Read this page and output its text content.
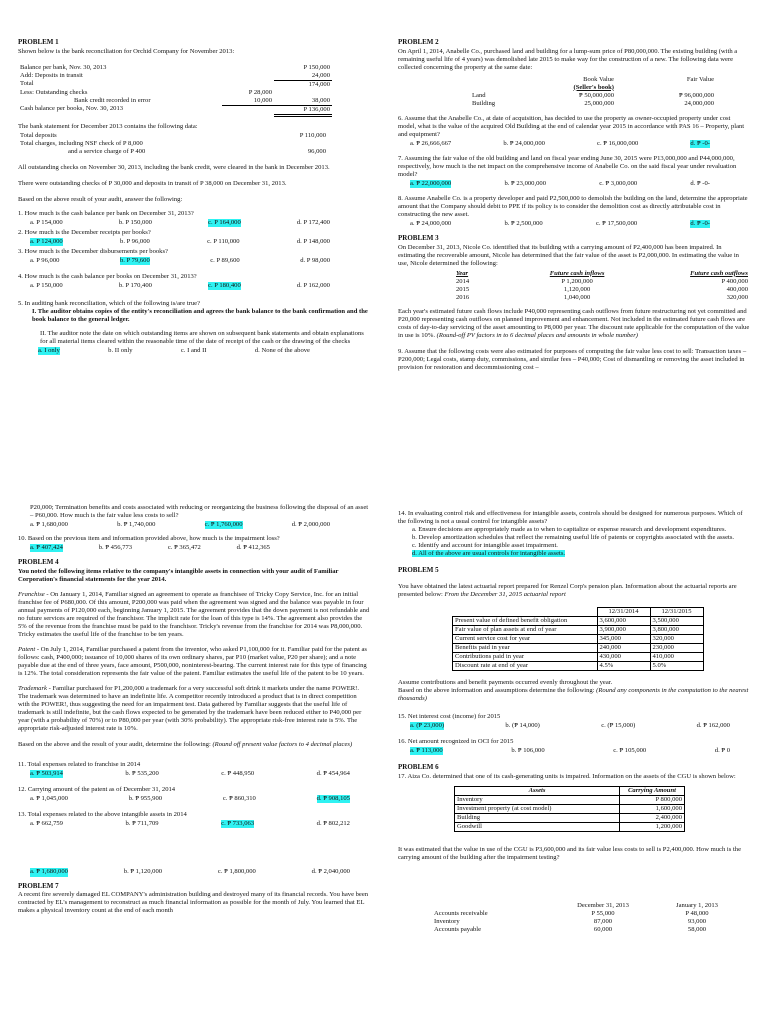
PROBLEM 1

Shown below is the bank reconciliation for Orchid Company for November 2013:

Balance per bank, Nov. 30, 2013		P 150,000
Add: Deposits in transit		24,000
Total		174,000
Less: Outstanding checks	P 28,000	
Bank credit recorded in error	10,000	38,000
Cash balance per books, Nov. 30, 2013		P 136,000

The bank statement for December 2013 contains the following data:

Total deposits	P 110,000
Total charges, including NSF check of P 8,000	
and a service charge of P 400	96,000

All outstanding checks on November 30, 2013, including the bank credit, were cleared in the bank in December 2013.

There were outstanding checks of P 30,000 and deposits in transit of P 38,000 on December 31, 2013.

Based on the above result of your audit, answer the following:

1. How much is the cash balance per bank on December 31, 2013?
a. P 154,000	b. P 150,000	c. P 164,000	d. P 172,400
2. How much is the December receipts per books?
a. P 124,000	b. P 96,000	c. P 110,000	d. P 148,000
3. How much is the December disbursements per books?
a. P 96,000	b. P 79,600	c. P 89,600	d. P 98,000
4. How much is the cash balance per books on December 31, 2013?
a. P 150,000	b. P 170,400	c. P 180,400	d. P 162,000
5. In auditing bank reconciliation, which of the following is/are true?
I. The auditor obtains copies of the entity's reconciliation and agrees the bank balance to the bank confirmation and the book balance to the general ledger.
II. The auditor note the date on which outstanding items are shown on subsequent bank statements and obtain explanations for all material items cleared within the reasonable time of the date of receipt of the cash or the drawing of the checks
a. I only	b. II only	c. I and II	d. None of the above
PROBLEM 2

On April 1, 2014, Anabelle Co., purchased land and building for a lump-sum price of P80,000,000. The existing building (with a remaining useful life of 4 years) was demolished late 2015 to make way for the construction of a new. The following data were collected concerning the property at the same date:

	Book Value	Fair Value
	(Seller's book)	
Land	₱ 50,000,000	₱ 96,000,000
Building	25,000,000	24,000,000
6. Assume that the Anabelle Co., at date of acquisition, has decided to use the property as owner-occupied property under cost model, what is the value of the acquired Old Building at the end of calendar year 2015 in accordance with PAS 16 – Property, plant and equipment?
a. ₱ 26,666,667	b. ₱ 24,000,000	c. ₱ 16,000,000	d. ₱ -0-
7. Assuming the fair value of the old building and land on fiscal year ending June 30, 2015 were P13,000,000 and P44,000,000, respectively, how much is the net impact on the comprehensive income of Anabelle Co. on the said fiscal year under revaluation model?
a. ₱ 22,000,000	b. ₱ 23,000,000	c. ₱ 3,000,000	d. ₱ -0-
8. Assume Anabelle Co. is a property developer and paid P2,500,000 to demolish the building on the land, determine the appropriate amount that the Company should debit to PPE if its policy is to consider the demolition cost as directly attributable cost in constructing the new asset.
a. ₱ 24,000,000	b. ₱ 2,500,000	c. ₱ 17,500,000	d. ₱ -0-
PROBLEM 3

On December 31, 2013, Nicole Co. identified that its building with a carrying amount of P2,400,000 has been impaired. In estimating the recoverable amount, Nicole has determined that the fair value of the asset is P2,000,000. In estimating the value in use, Nicole determined the following:

Year	Future cash inflows	Future cash outflows
2014	P 1,200,000	P 400,000
2015	1,120,000	400,000
2016	1,040,000	320,000

Each year's estimated future cash flows include P40,000 representing cash outflows from future restructuring not yet committed and P20,000 representing cash outflows on planned improvement and enhancement. Not included in the estimated future cash flows are costs of day-to-day servicing of the asset amounting to P8,000 per year. The discount rate applicable for the computation of the value in use is 10%. (Round-off PV factors in to 6 decimal places and amounts in whole number)

9. Assume that the following costs were also estimated for purposes of computing the fair value less cost to sell: Transaction taxes – P200,000; Legal costs, stamp duty, commissions, and similar fees – P40,000; Cost of dismantling or removing the asset included in provision for restoration and decommissioning cost –
P20,000; Termination benefits and costs associated with reducing or reorganizing the business following the disposal of an asset – P60,000. How much is the fair value less costs to sell?
a. ₱ 1,680,000	b. ₱ 1,740,000	c. ₱ 1,760,000	d. ₱ 2,000,000
10. Based on the previous item and information provided above, how much is the impairment loss?
a. ₱ 407,424	b. ₱ 456,773	c. ₱ 365,472	d. ₱ 412,365
PROBLEM 4

You noted the following items relative to the company's intangible assets in connection with your audit of Familiar Corporation's financial statements for the year 2014.

Franchise - On January 1, 2014, Familiar signed an agreement to operate as franchisee of Tricky Copy Service, Inc. for an initial franchise fee of P680,000. Of this amount, P200,000 was paid when the agreement was signed and the balance was payable in four annual payments of P120,000 each, beginning January 1, 2015. The agreement provides that the down payment is not refundable and no future services are required of the franchisor. The implicit rate for the loan of this type is 14%. The agreement also provides the 5% of the revenue from the franchise must be paid to the franchisor. Tricky's revenue from the franchise for 2014 was P8,000,000. Tricky estimates the useful life of the franchise to be ten years.

Patent - On July 1, 2014, Familiar purchased a patent from the inventor, who asked P1,100,000 for it. Familiar paid for the patent as follows: cash, P400,000; issuance of 10,000 shares of its own ordinary shares, par P10 (market value, P20 per share); and a note payable due at the end of three years, face amount, P500,000, noninterest-bearing. The current interest rate for this type of financing is 12%. The total consideration represents the fair value of the patent. Familiar estimates the useful life of the patent to be 10 years.

Trademark - Familiar purchased for P1,200,000 a trademark for a very successful soft drink it markets under the name POWER!. The trademark was determined to have an indefinite life. A competitor recently introduced a product that is in direct competition with the POWER!, thus suggesting the need for an impairment test. Data gathered by Familiar suggests that the useful life of trademark is still indefinite, but the cash flows expected to be generated by the trademark have been reduced either to P40,000 per year (with a probability of 70%) or to P80,000 per year (with 30% probability). The appropriate risk-free interest rate is 5%. The appropriate risk-adjusted interest rate is 10%.

Based on the above and the result of your audit, determine the following: (Round off present value factors to 4 decimal places)

11. Total expenses related to franchise in 2014
a. ₱ 503,914	b. ₱ 535,200	c. ₱ 448,950	d. ₱ 454,964
12. Carrying amount of the patent as of December 31, 2014
a. ₱ 1,045,000	b. ₱ 955,900	c. ₱ 860,310	d. ₱ 908,105
13. Total expenses related to the above intangible assets in 2014
a. ₱ 662,759	b. ₱ 711,709	c. ₱ 733,063	d. ₱ 802,212
a. ₱ 1,680,000	b. ₱ 1,120,000	c. ₱ 1,800,000	d. ₱ 2,040,000
PROBLEM 7

A recent fire severely damaged EL COMPANY's administration building and destroyed many of its financial records. You have been contracted by EL's management to reconstruct as much financial information as possible for the month of July. You learned that EL makes a physical inventory count at the end of each month

14. In evaluating control risk and effectiveness for intangible assets, controls should be designed for numerous purposes. Which of the following is not a usual control for intangible assets?
a. Ensure decisions are appropriately made as to when to capitalize or expense research and development expenditures.
b. Develop amortization schedules that reflect the remaining useful life of patents or copyrights associated with the assets.
c. Identify and account for intangible asset impairment.
d. All of the above are usual controls for intangible assets.
PROBLEM 5

You have obtained the latest actuarial report prepared for Renzel Corp's pension plan. Information about the actuarial reports are presented below: From the December 31, 2015 actuarial report

	12/31/2014	12/31/2015
Present value of defined benefit obligation	3,600,000	3,500,000
Fair value of plan assets at end of year	3,900,000	3,800,000
Current service cost for year	345,000	320,000
Benefits paid in year	240,000	230,000
Contributions paid in year	430,000	410,000
Discount rate at end of year	4.5%	5.0%

Assume contributions and benefit payments occurred evenly throughout the year.

Based on the above information and assumptions determine the following: (Round any components in the computation to the nearest thousands)

15. Net interest cost (income) for 2015
a. (₱ 23,000)	b. (₱ 14,000)	c. (₱ 15,000)	d. ₱ 162,000
16. Net amount recognized in OCI for 2015
a. ₱ 113,000	b. ₱ 106,000	c. ₱ 105,000	d. ₱ 0
PROBLEM 6
17. Aiza Co. determined that one of its cash-generating units is impaired. Information on the assets of the CGU is shown below:
Assets	Carrying Amount
Inventory	P 800,000
Investment property (at cost model)	1,600,000
Building	2,400,000
Goodwill	1,200,000

It was estimated that the value in use of the CGU is P3,600,000 and its fair value less costs to sell is P2,400,000. How much is the carrying amount of the building after the impairment testing?

	December 31, 2013	January 1, 2013
Accounts receivable	P 55,000	P 48,000
Inventory	87,000	93,000
Accounts payable	60,000	58,000
